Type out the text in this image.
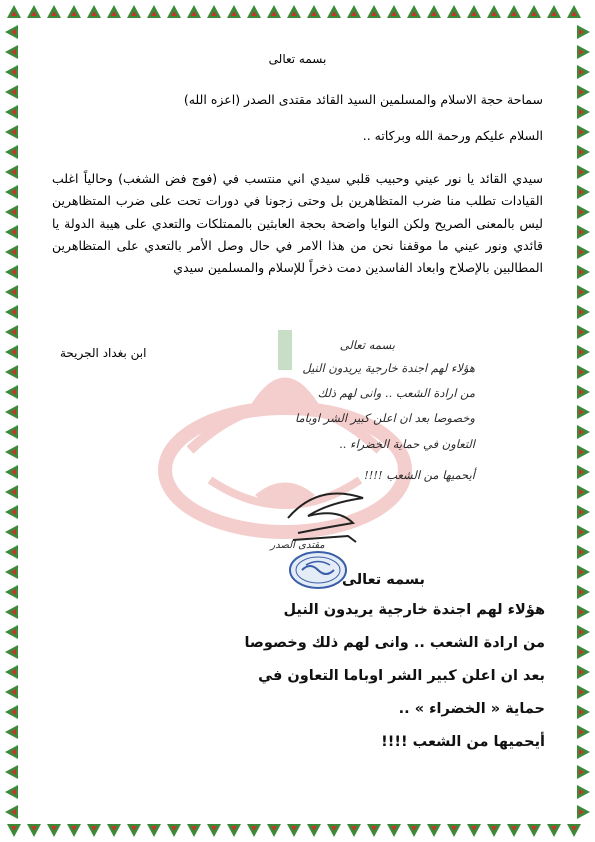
بسمه تعالى
سماحة حجة الاسلام والمسلمين السيد القائد مقتدى الصدر (اعزه الله)
السلام عليكم ورحمة الله وبركاته ..
سيدي القائد يا نور عيني وحبيب قلبي سيدي اني منتسب في (فوج فض الشغب) وحالياً اغلب القيادات تطلب منا ضرب المتظاهرين بل وحتى زجونا في دورات تحت على ضرب المتظاهرين ليس بالمعنى الصريح ولكن النوايا واضحة بحجة العابثين بالممتلكات والتعدي على هيبة الدولة يا قائدي ونور عيني ما موقفنا نحن من هذا الامر في حال وصل الأمر بالتعدي على المتظاهرين المطالبين بالإصلاح وابعاد الفاسدين دمت ذخراً للإسلام والمسلمين سيدي
ابن بغداد الجريحة
بسمه تعالى
هؤلاء لهم اجندة خارجية يريدون النيل
من ارادة الشعب .. وانى لهم ذلك
وخصوصا بعد ان اعلن كبير الشر اوباما
التعاون في حماية الخضراء ..
أيحميها من الشعب !!!!
مقتدى الصدر
بسمه تعالى
هؤلاء لهم اجندة خارجية يريدون النيل
من ارادة الشعب .. وانى لهم ذلك وخصوصا
بعد ان اعلن كبير الشر اوباما التعاون في
حماية « الخضراء » ..
أيحميها من الشعب !!!!
